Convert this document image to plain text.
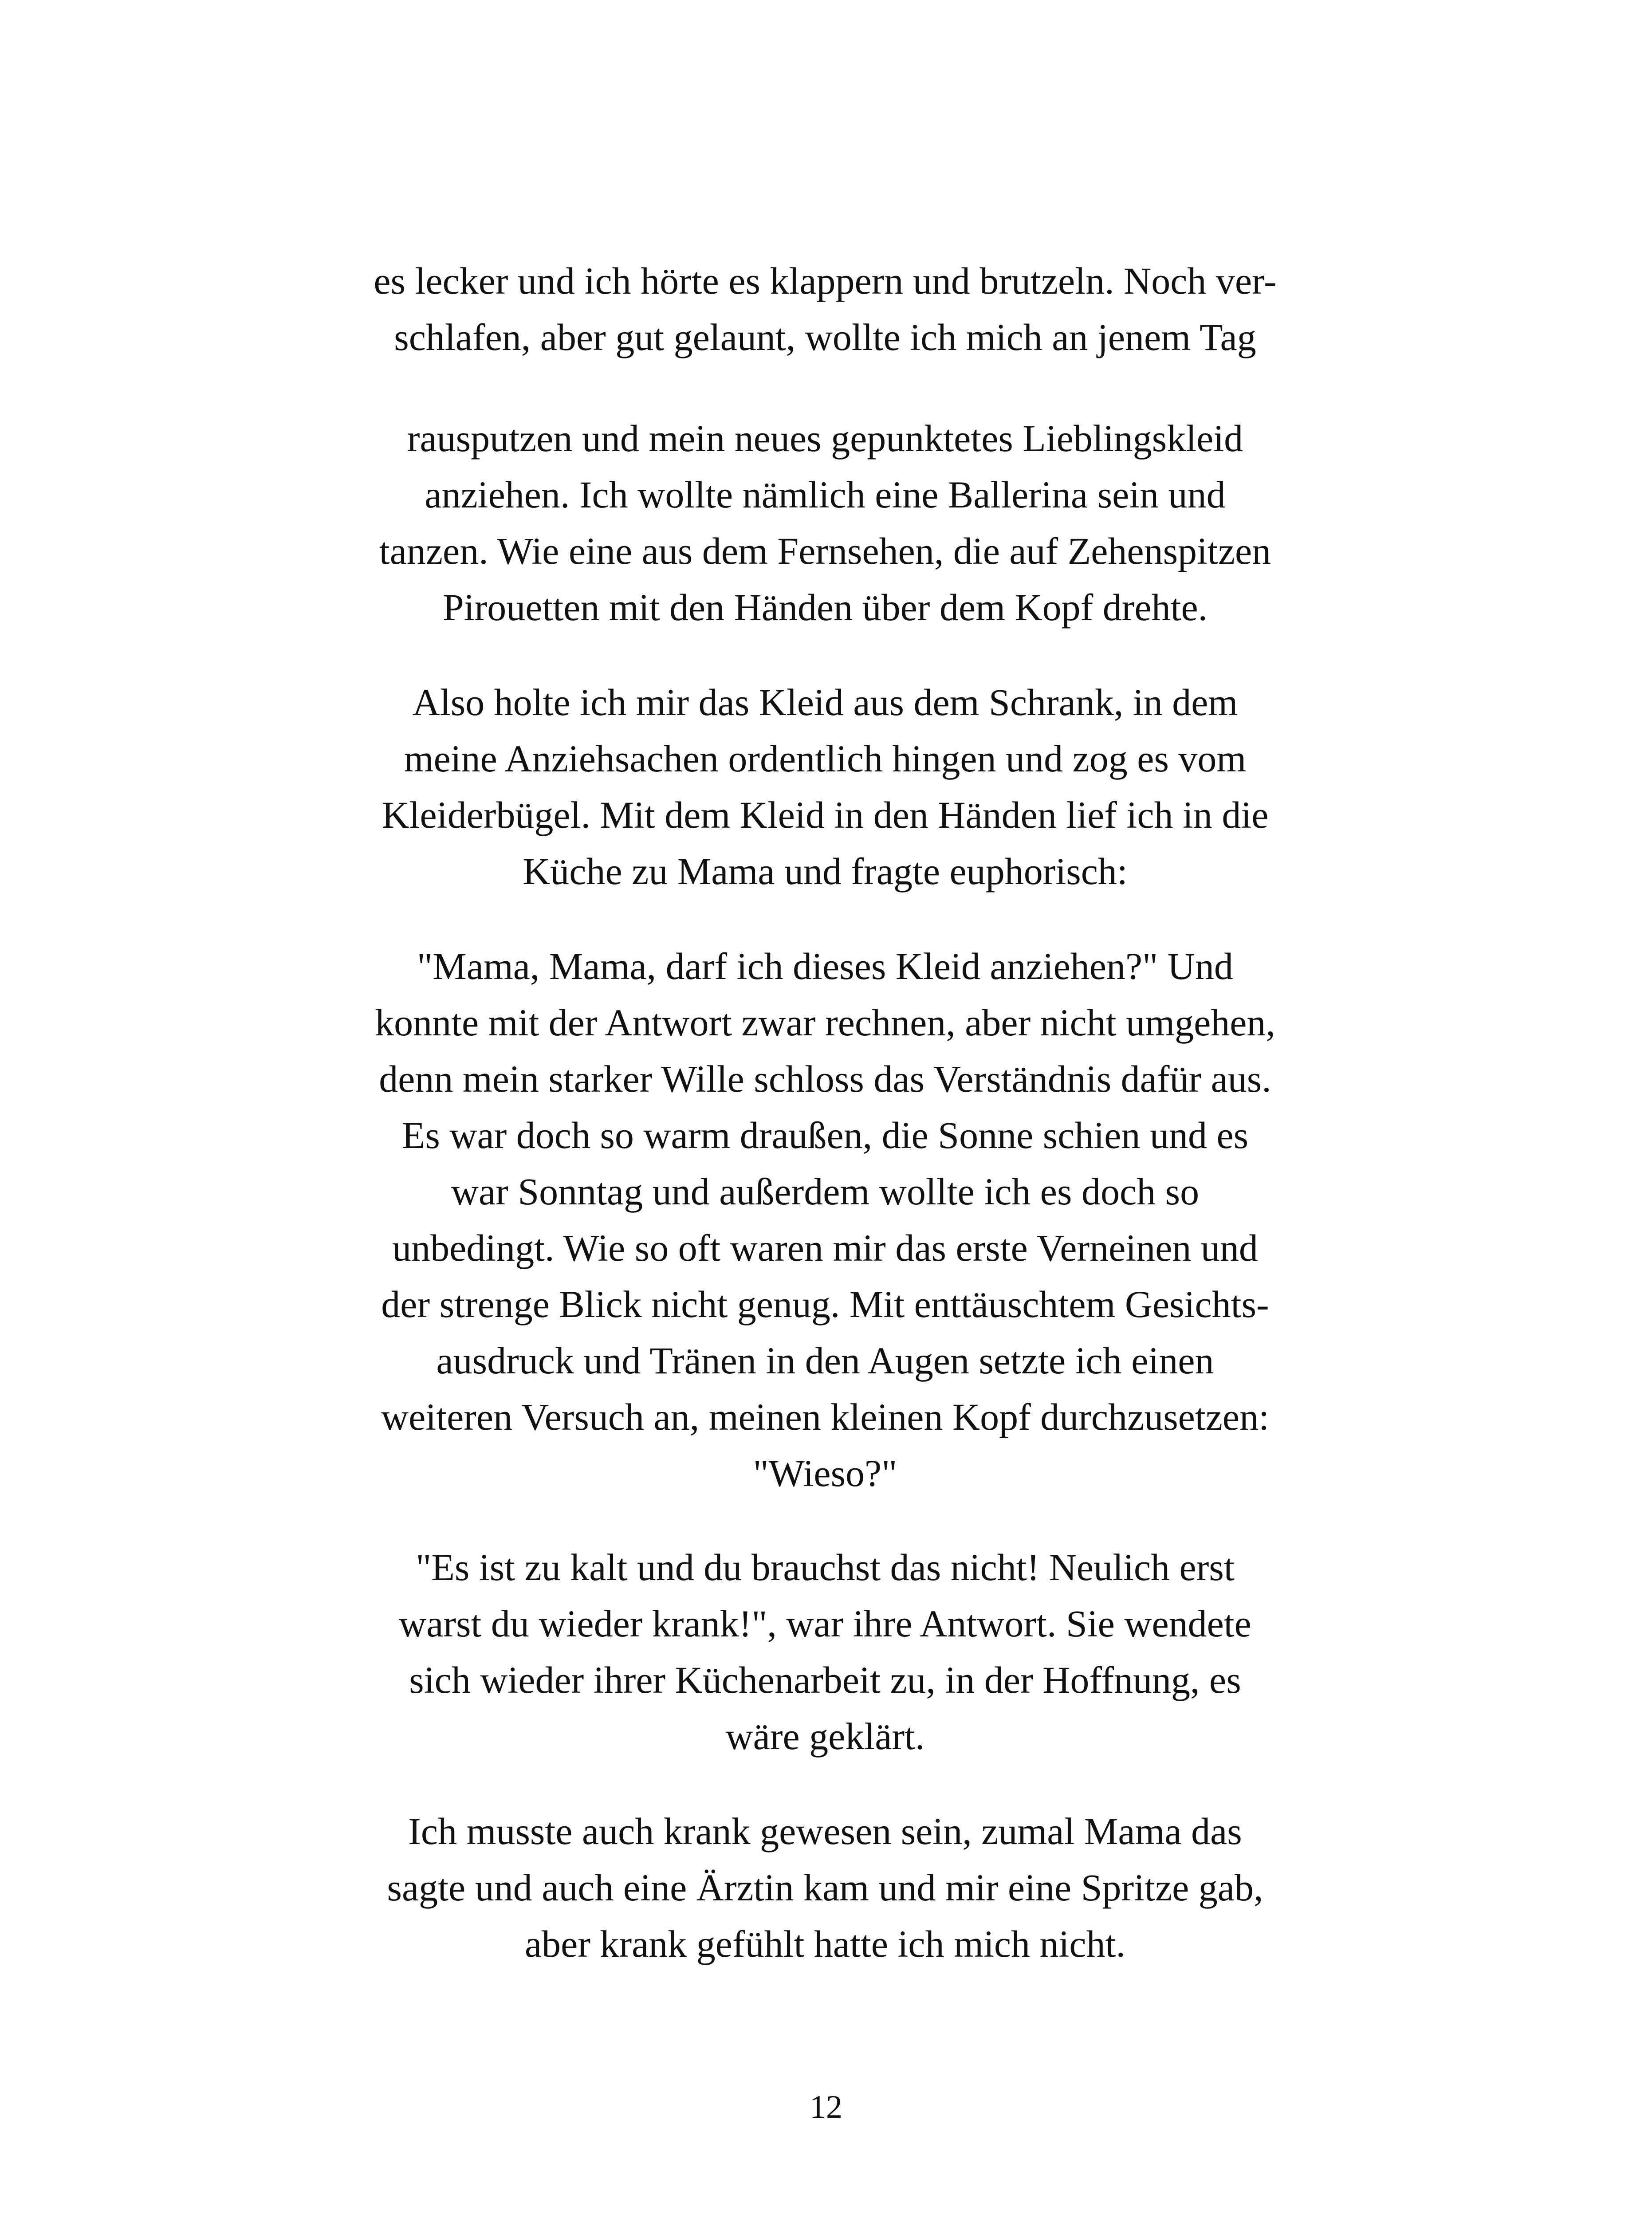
es lecker und ich hörte es klappern und brutzeln. Noch ver-
schlafen, aber gut gelaunt, wollte ich mich an jenem Tag
rausputzen und mein neues gepunktetes Lieblingskleid
anziehen. Ich wollte nämlich eine Ballerina sein und
tanzen. Wie eine aus dem Fernsehen, die auf Zehenspitzen
Pirouetten mit den Händen über dem Kopf drehte.
Also holte ich mir das Kleid aus dem Schrank, in dem
meine Anziehsachen ordentlich hingen und zog es vom
Kleiderbügel. Mit dem Kleid in den Händen lief ich in die
Küche zu Mama und fragte euphorisch:
"Mama, Mama, darf ich dieses Kleid anziehen?" Und
konnte mit der Antwort zwar rechnen, aber nicht umgehen,
denn mein starker Wille schloss das Verständnis dafür aus.
Es war doch so warm draußen, die Sonne schien und es
war Sonntag und außerdem wollte ich es doch so
unbedingt. Wie so oft waren mir das erste Verneinen und
der strenge Blick nicht genug. Mit enttäuschtem Gesichts-
ausdruck und Tränen in den Augen setzte ich einen
weiteren Versuch an, meinen kleinen Kopf durchzusetzen:
"Wieso?"
"Es ist zu kalt und du brauchst das nicht! Neulich erst
warst du wieder krank!", war ihre Antwort. Sie wendete
sich wieder ihrer Küchenarbeit zu, in der Hoffnung, es
wäre geklärt.
Ich musste auch krank gewesen sein, zumal Mama das
sagte und auch eine Ärztin kam und mir eine Spritze gab,
aber krank gefühlt hatte ich mich nicht.
12
